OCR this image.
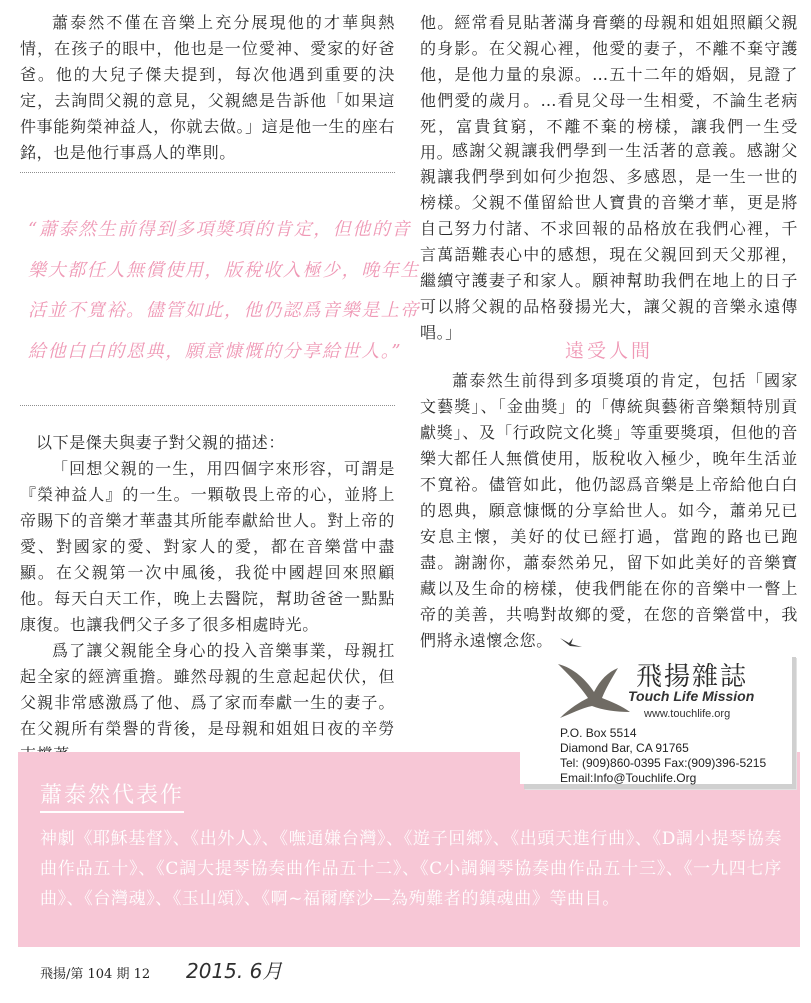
蕭泰然不僅在音樂上充分展現他的才華與熱情，在孩子的眼中，他也是一位愛神、愛家的好爸爸。他的大兒子傑夫提到，每次他遇到重要的決定，去詢問父親的意見，父親總是告訴他「如果這件事能夠榮神益人，你就去做。」這是他一生的座右銘，也是他行事爲人的準則。

“蕭泰然生前得到多項獎項的肯定，但他的音

樂大都任人無償使用，版稅收入極少，晚年生

活並不寬裕。儘管如此，他仍認爲音樂是上帝

給他白白的恩典，願意慷慨的分享給世人。”

以下是傑夫與妻子對父親的描述：

「回想父親的一生，用四個字來形容，可謂是『榮神益人』的一生。一顆敬畏上帝的心，並將上帝賜下的音樂才華盡其所能奉獻給世人。對上帝的愛、對國家的愛、對家人的愛，都在音樂當中盡顯。在父親第一次中風後，我從中國趕回來照顧他。每天白天工作，晚上去醫院，幫助爸爸一點點康復。也讓我們父子多了很多相處時光。

爲了讓父親能全身心的投入音樂事業，母親扛起全家的經濟重擔。雖然母親的生意起起伏伏，但父親非常感激爲了他、爲了家而奉獻一生的妻子。在父親所有榮譽的背後，是母親和姐姐日夜的辛勞

他。經常看見貼著滿身膏藥的母親和姐姐照顧父親的身影。在父親心裡，他愛的妻子，不離不棄守護他，是他力量的泉源。…五十二年的婚姻，見證了他們愛的歲月。…看見父母一生相愛，不論生老病死，富貴貧窮，不離不棄的榜樣，讓我們一生受用。

感謝父親讓我們學到一生活著的意義。感謝父親讓我們學到如何少抱怨、多感恩，是一生一世的榜樣。父親不僅留給世人寶貴的音樂才華，更是將自己努力付諸、不求回報的品格放在我們心裡，千言萬語難表心中的感想，現在父親回到天父那裡，繼續守護妻子和家人。願神幫助我們在地上的日子可以將父親的品格發揚光大，讓父親的音樂永遠傳唱。」

遠受人間

蕭泰然生前得到多項獎項的肯定，包括「國家文藝獎」、「金曲獎」的「傳統與藝術音樂類特別貢獻獎」、及「行政院文化獎」等重要獎項，但他的音樂大都任人無償使用，版稅收入極少，晚年生活並不寬裕。儘管如此，他仍認爲音樂是上帝給他白白的恩典，願意慷慨的分享給世人。如今，蕭弟兄已安息主懷，美好的仗已經打過，當跑的路也已跑盡。謝謝你，蕭泰然弟兄，留下如此美好的音樂寶藏以及生命的榜樣，使我們能在你的音樂中一瞥上帝的美善，共鳴對故鄉的愛，在您的音樂當中，我們將永遠懷念您。

蕭泰然代表作

神劇《耶穌基督》、《出外人》、《嘸通嫌台灣》、《遊子回鄉》、《出頭天進行曲》、《D調小提琴協奏曲作品五十》、《C調大提琴協奏曲作品五十二》、《C小調鋼琴協奏曲作品五十三》、《一九四七序曲》、《台灣魂》、《玉山頌》、《啊~福爾摩沙—為殉難者的鎮魂曲》等曲目。

飛揚雜誌
Touch Life Mission
www.touchlife.org
P.O. Box 5514
Diamond Bar, CA 91765
Tel: (909)860-0395 Fax:(909)396-5215
Email:Info@Touchlife.Org

飛揚/第 104 期 12 2015. 6月
